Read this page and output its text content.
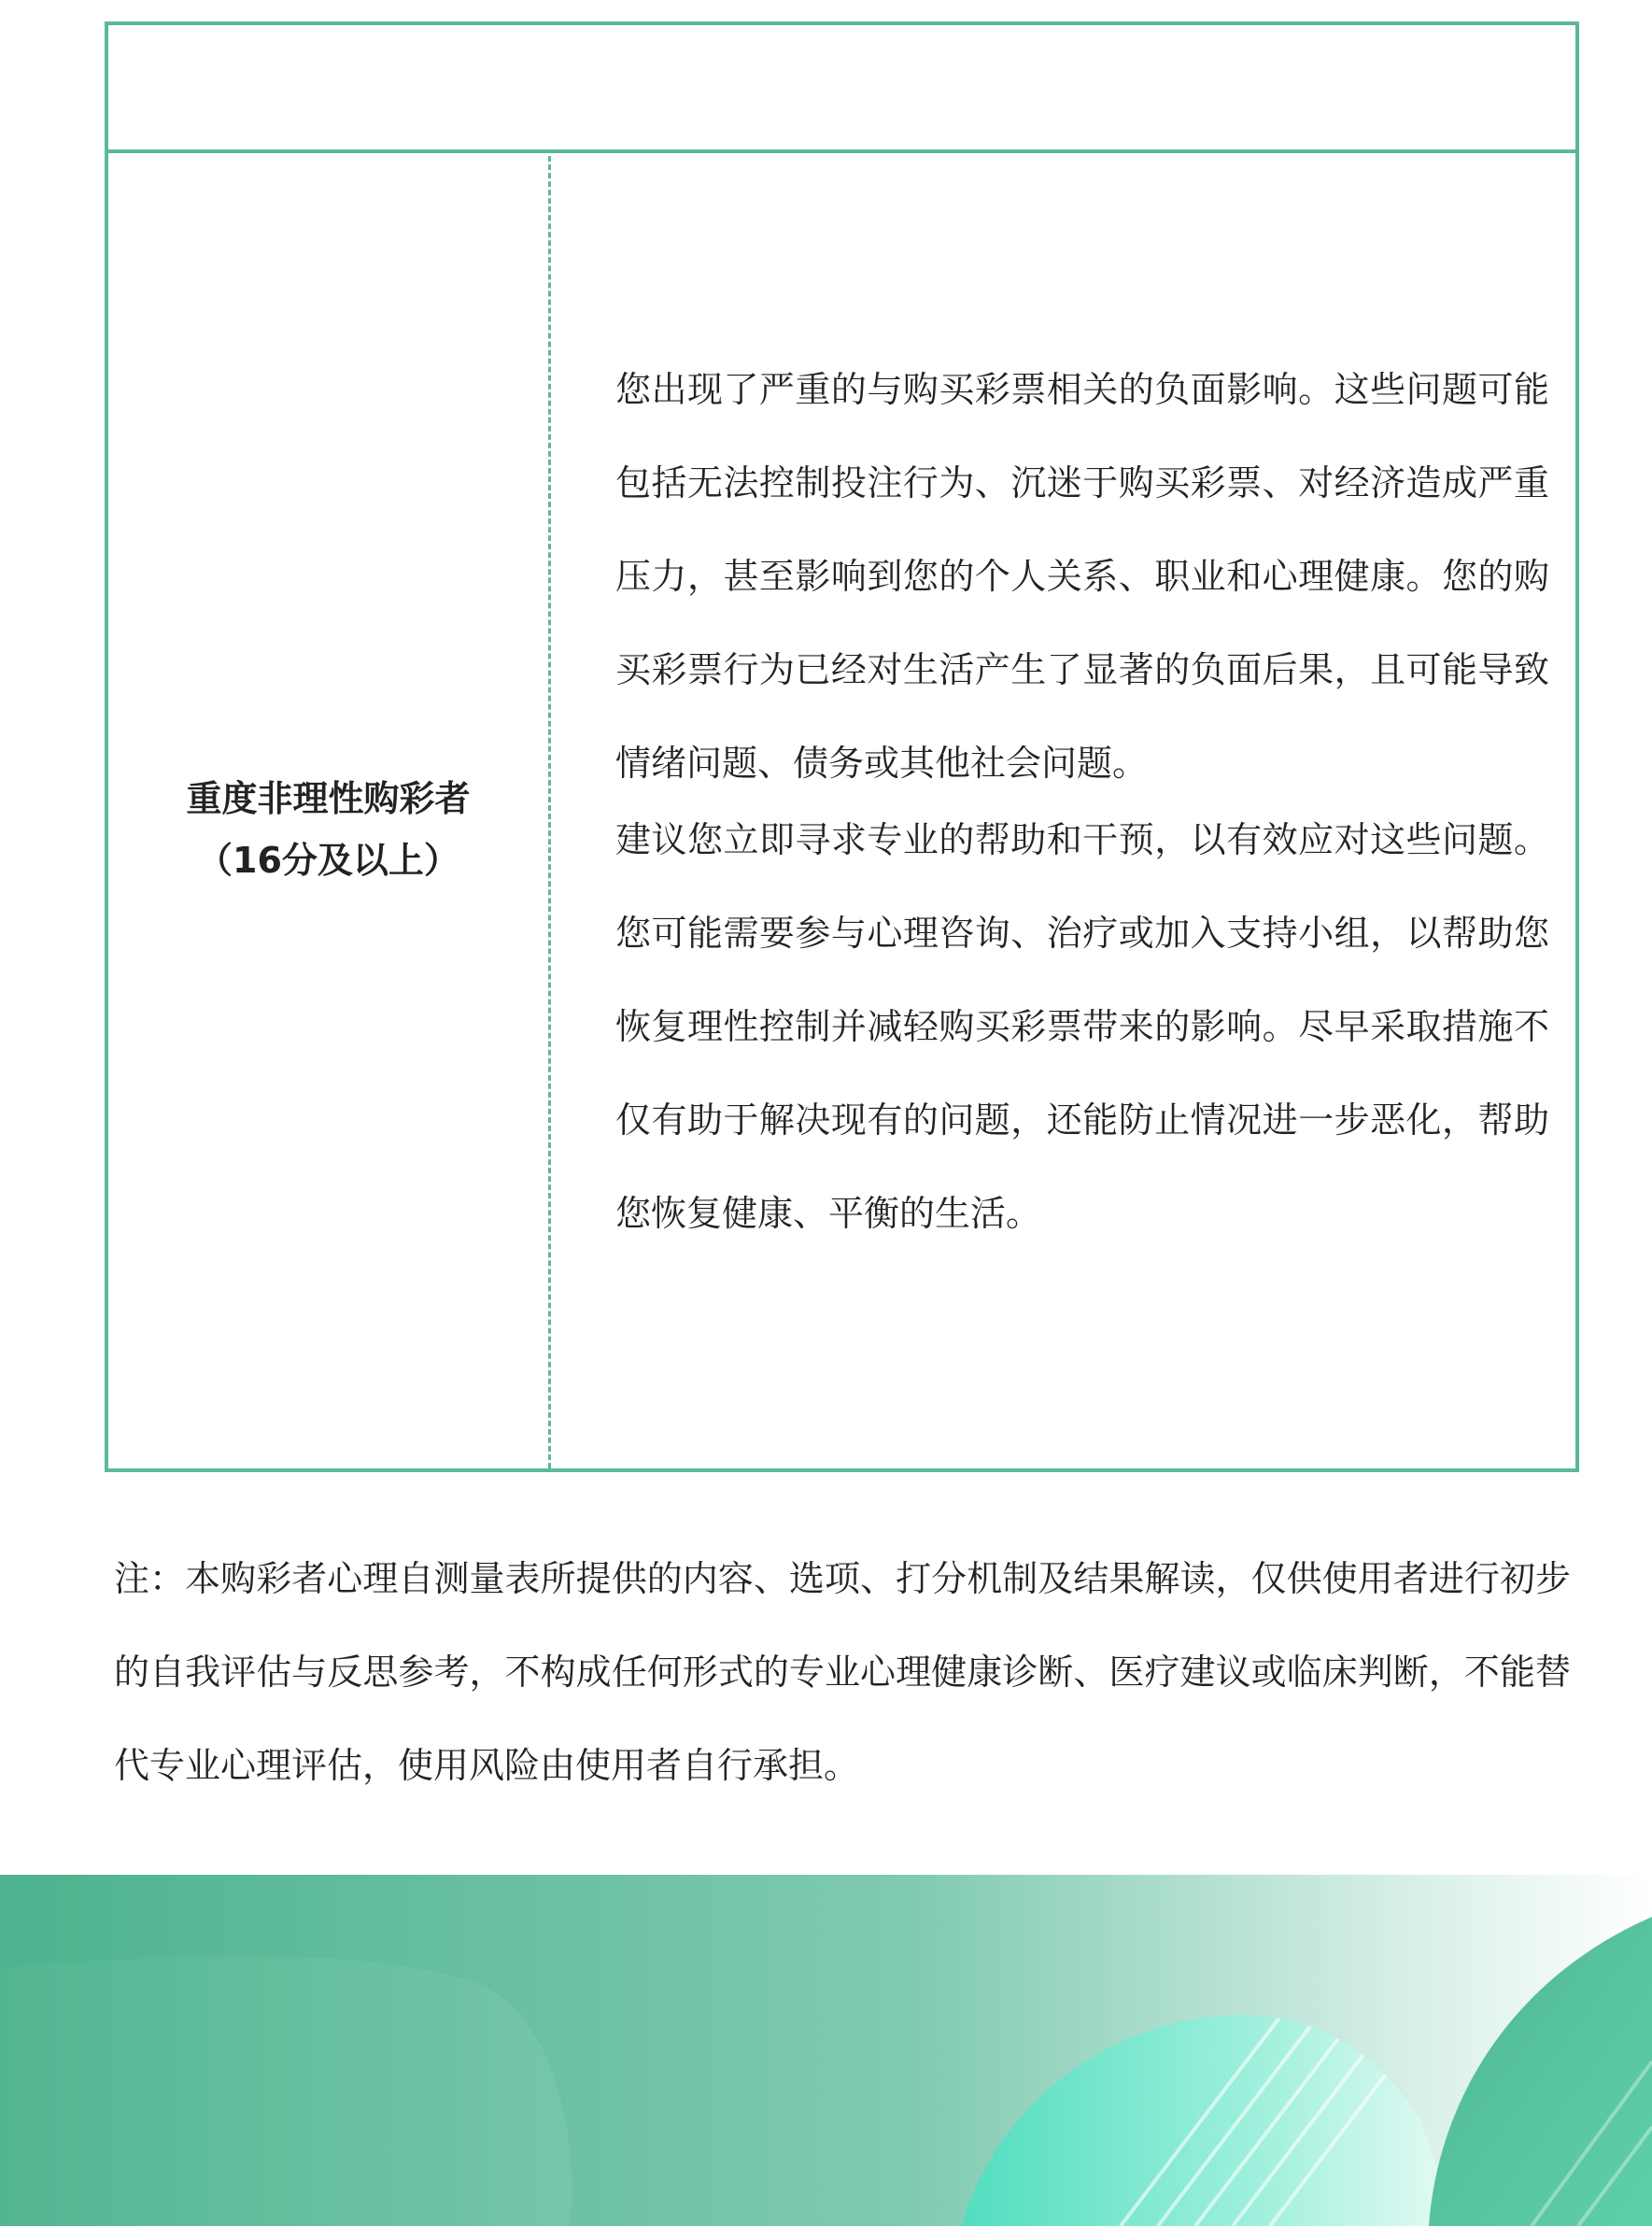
重度非理性购彩者
（16分及以上）

您出现了严重的与购买彩票相关的负面影响。这些问题可能包括无法控制投注行为、沉迷于购买彩票、对经济造成严重压力，甚至影响到您的个人关系、职业和心理健康。您的购买彩票行为已经对生活产生了显著的负面后果，且可能导致情绪问题、债务或其他社会问题。

建议您立即寻求专业的帮助和干预，以有效应对这些问题。您可能需要参与心理咨询、治疗或加入支持小组，以帮助您恢复理性控制并减轻购买彩票带来的影响。尽早采取措施不仅有助于解决现有的问题，还能防止情况进一步恶化，帮助您恢复健康、平衡的生活。

注：本购彩者心理自测量表所提供的内容、选项、打分机制及结果解读，仅供使用者进行初步的自我评估与反思参考，不构成任何形式的专业心理健康诊断、医疗建议或临床判断，不能替代专业心理评估，使用风险由使用者自行承担。
